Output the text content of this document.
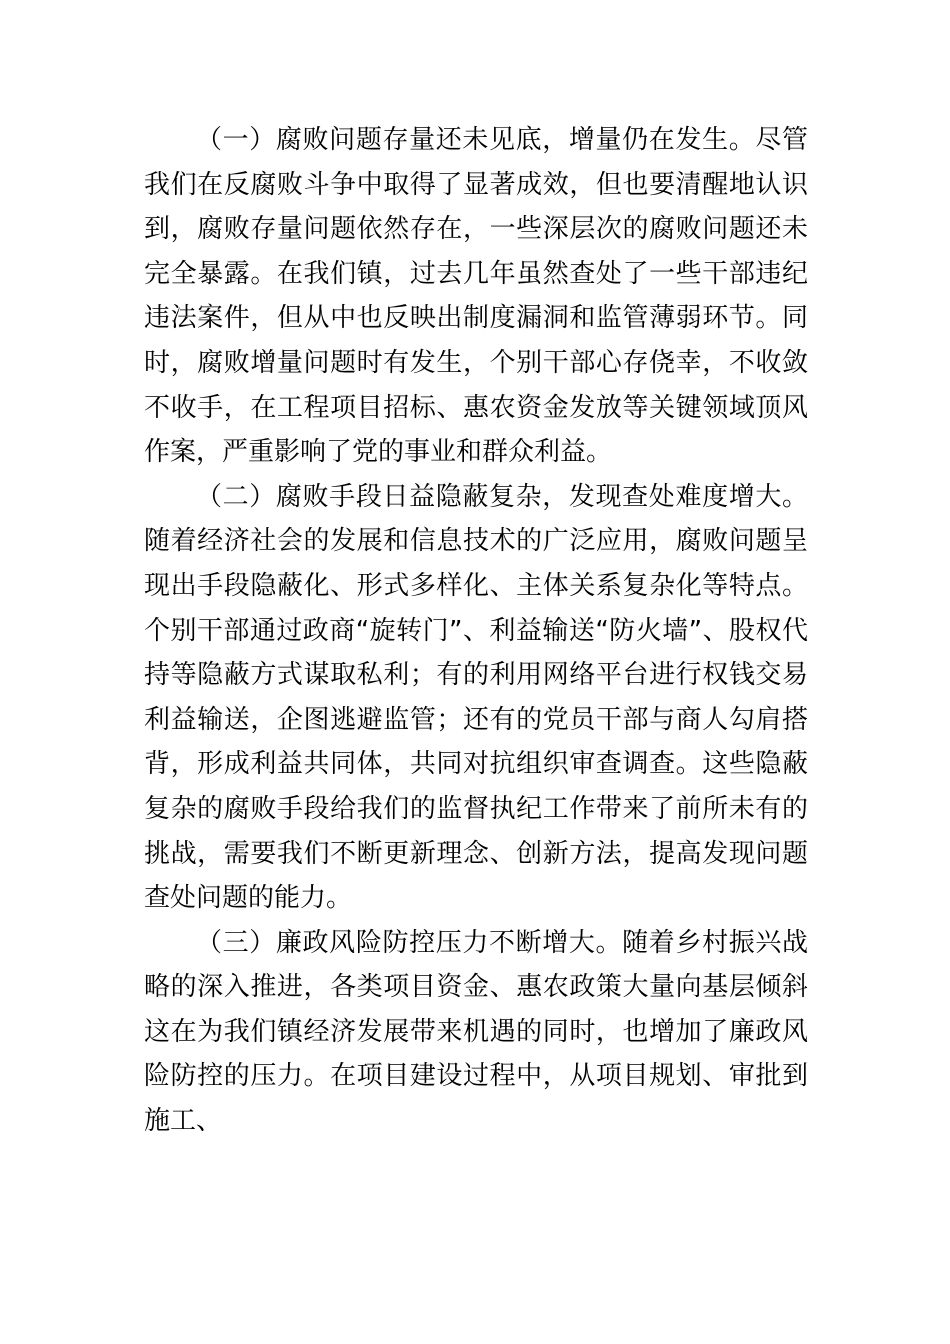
（一）腐败问题存量还未见底，增量仍在发生。尽管
我们在反腐败斗争中取得了显著成效，但也要清醒地认识
到，腐败存量问题依然存在，一些深层次的腐败问题还未
完全暴露。在我们镇，过去几年虽然查处了一些干部违纪
违法案件，但从中也反映出制度漏洞和监管薄弱环节。同
时，腐败增量问题时有发生，个别干部心存侥幸，不收敛
不收手，在工程项目招标、惠农资金发放等关键领域顶风
作案，严重影响了党的事业和群众利益。
（二）腐败手段日益隐蔽复杂，发现查处难度增大。
随着经济社会的发展和信息技术的广泛应用，腐败问题呈
现出手段隐蔽化、形式多样化、主体关系复杂化等特点。
个别干部通过政商“旋转门”、利益输送“防火墙”、股权代
持等隐蔽方式谋取私利；有的利用网络平台进行权钱交易
利益输送，企图逃避监管；还有的党员干部与商人勾肩搭
背，形成利益共同体，共同对抗组织审查调查。这些隐蔽
复杂的腐败手段给我们的监督执纪工作带来了前所未有的
挑战，需要我们不断更新理念、创新方法，提高发现问题
查处问题的能力。
（三）廉政风险防控压力不断增大。随着乡村振兴战
略的深入推进，各类项目资金、惠农政策大量向基层倾斜
这在为我们镇经济发展带来机遇的同时，也增加了廉政风
险防控的压力。在项目建设过程中，从项目规划、审批到
施工、
